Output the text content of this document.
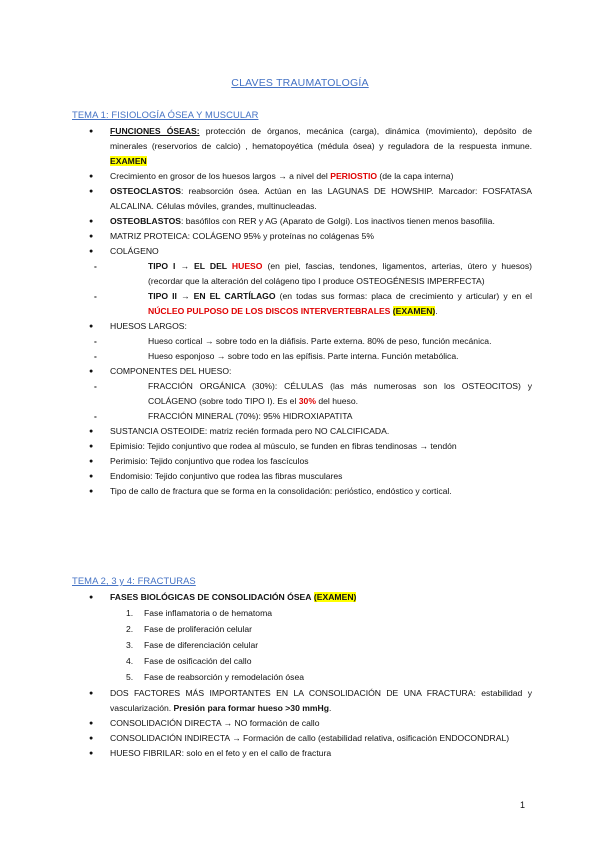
CLAVES TRAUMATOLOGÍA
TEMA 1: FISIOLOGÍA ÓSEA Y MUSCULAR
● FUNCIONES ÓSEAS: protección de órganos, mecánica (carga), dinámica (movimiento), depósito de minerales (reservorios de calcio) , hematopoyética (médula ósea) y reguladora de la respuesta inmune. EXAMEN
● Crecimiento en grosor de los huesos largos → a nivel del PERIOSTIO (de la capa interna)
● OSTEOCLASTOS: reabsorción ósea. Actúan en las LAGUNAS DE HOWSHIP. Marcador: FOSFATASA ALCALINA. Células móviles, grandes, multinucleadas.
● OSTEOBLASTOS: basófilos con RER y AG (Aparato de Golgi). Los inactivos tienen menos basofilia.
● MATRIZ PROTEICA: COLÁGENO 95% y proteínas no colágenas 5%
● COLÁGENO
- TIPO I → EL DEL HUESO (en piel, fascias, tendones, ligamentos, arterias, útero y huesos) (recordar que la alteración del colágeno tipo I produce OSTEOGÉNESIS IMPERFECTA)
- TIPO II → EN EL CARTÍLAGO (en todas sus formas: placa de crecimiento y articular) y en el NÚCLEO PULPOSO DE LOS DISCOS INTERVERTEBRALES (EXAMEN).
● HUESOS LARGOS:
- Hueso cortical → sobre todo en la diáfisis. Parte externa. 80% de peso, función mecánica.
- Hueso esponjoso → sobre todo en las epífisis. Parte interna. Función metabólica.
● COMPONENTES DEL HUESO:
- FRACCIÓN ORGÁNICA (30%): CÉLULAS (las más numerosas son los OSTEOCITOS) y COLÁGENO (sobre todo TIPO I). Es el 30% del hueso.
- FRACCIÓN MINERAL (70%): 95% HIDROXIAPATITA
● SUSTANCIA OSTEOIDE: matriz recién formada pero NO CALCIFICADA.
● Epimisio: Tejido conjuntivo que rodea al músculo, se funden en fibras tendinosas → tendón
● Perimisio: Tejido conjuntivo que rodea los fascículos
● Endomisio: Tejido conjuntivo que rodea las fibras musculares
● Tipo de callo de fractura que se forma en la consolidación: periόstico, endóstico y cortical.
TEMA 2, 3 y 4: FRACTURAS
● FASES BIOLÓGICAS DE CONSOLIDACIÓN ÓSEA (EXAMEN)
1. Fase inflamatoria o de hematoma
2. Fase de proliferación celular
3. Fase de diferenciación celular
4. Fase de osificación del callo
5. Fase de reabsorción y remodelación ósea
● DOS FACTORES MÁS IMPORTANTES EN LA CONSOLIDACIÓN DE UNA FRACTURA: estabilidad y vascularización. Presión para formar hueso >30 mmHg.
● CONSOLIDACIÓN DIRECTA → NO formación de callo
● CONSOLIDACIÓN INDIRECTA → Formación de callo (estabilidad relativa, osificación ENDOCONDRAL)
● HUESO FIBRILAR: solo en el feto y en el callo de fractura
1
